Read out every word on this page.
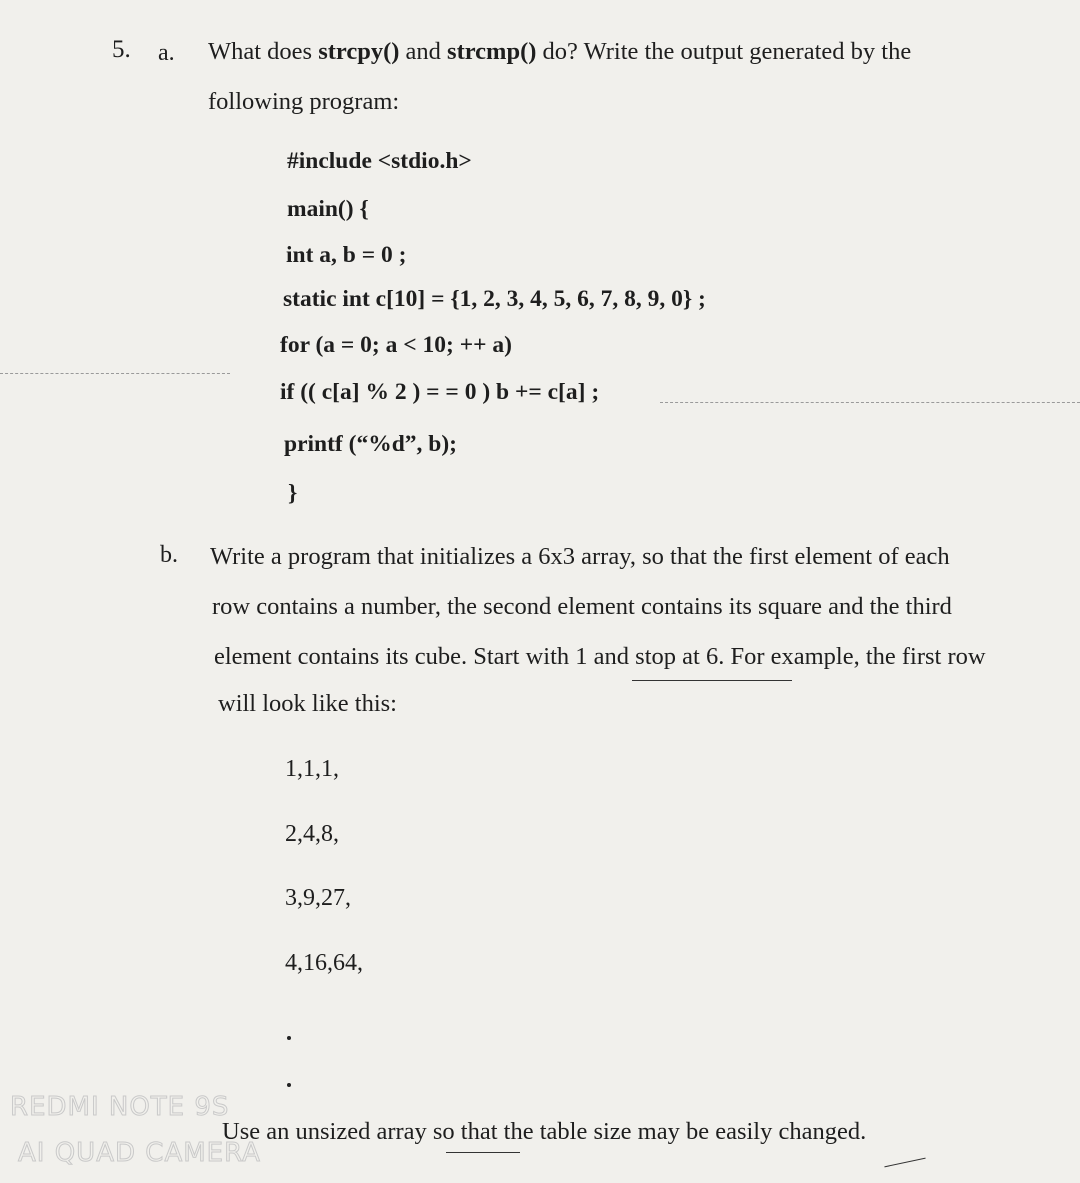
5. a. What does strcpy() and strcmp() do? Write the output generated by the
following program:
#include <stdio.h>
main() {
int a, b = 0 ;
static int c[10] = {1, 2, 3, 4, 5, 6, 7, 8, 9, 0} ;
for (a = 0; a < 10; ++ a)
if (( c[a] % 2 ) = = 0 ) b += c[a] ;
printf (“%d”, b);
}
b. Write a program that initializes a 6x3 array, so that the first element of each
row contains a number, the second element contains its square and the third
element contains its cube. Start with 1 and stop at 6. For example, the first row
will look like this:
1,1,1,
2,4,8,
3,9,27,
4,16,64,
Use an unsized array so that the table size may be easily changed.
REDMI NOTE 9S
AI QUAD CAMERA
